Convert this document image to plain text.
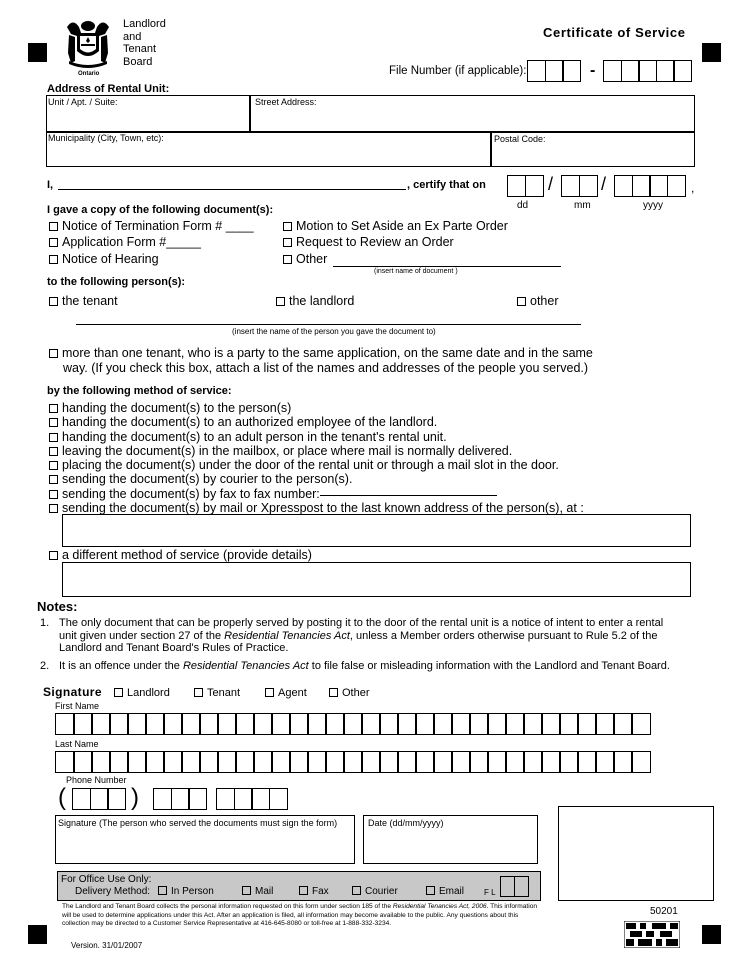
Ontario
Landlord
and
Tenant
Board
Certificate of Service
File Number (if applicable):	-
Address of Rental Unit:
Unit / Apt. / Suite:	Street Address:
Municipality (City, Town, etc):	Postal Code:
I,	, certify that on	/	/	,
dd	mm	yyyy
I gave a copy of the following document(s):
Notice of Termination Form # ____
Application Form #_____
Notice of Hearing
Motion to Set Aside an Ex Parte Order
Request to Review an Order
Other
(insert name of document )
to the following person(s):
the tenant	the landlord	other
(insert the name of the person you gave the document to)
more than one tenant, who is a party to the same application, on the same date and in the same
way. (If you check this box, attach a list of the names and addresses of the people you served.)
by the following method of service:
handing the document(s) to the person(s)
handing the document(s) to an authorized employee of the landlord.
handing the document(s) to an adult person in the tenant's rental unit.
leaving the document(s) in the mailbox, or place where mail is normally delivered.
placing the document(s) under the door of the rental unit or through a mail slot in the door.
sending the document(s) by courier to the person(s).
sending the document(s) by fax to fax number:
sending the document(s) by mail or Xpresspost to the last known address of the person(s), at :
a different method of service (provide details)
Notes:
1. The only document that can be properly served by posting it to the door of the rental unit is a notice of intent to enter a rental
unit given under section 27 of the Residential Tenancies Act, unless a Member orders otherwise pursuant to Rule 5.2 of the
Landlord and Tenant Board's Rules of Practice.
2. It is an offence under the Residential Tenancies Act to file false or misleading information with the Landlord and Tenant Board.
Signature	Landlord	Tenant	Agent	Other
First Name
Last Name
Phone Number
(	)
Signature (The person who served the documents must sign the form)	Date (dd/mm/yyyy)
For Office Use Only:
Delivery Method:	In Person	Mail	Fax	Courier	Email F L
The Landlord and Tenant Board collects the personal information requested on this form under section 185 of the Residential Tenancies Act, 2006. This information
will be used to determine applications under this Act. After an application is filed, all information may become available to the public. Any questions about this
collection may be directed to a Customer Service Representative at 416-645-8080 or toll-free at 1-888-332-3234.
Version. 31/01/2007
50201
